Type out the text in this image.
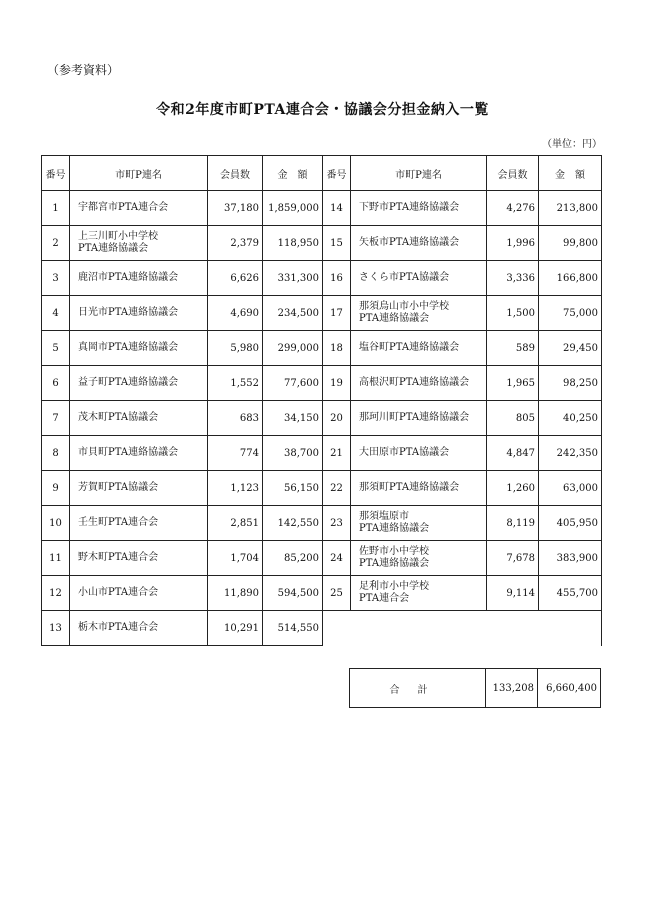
（参考資料）
令和2年度市町PTA連合会・協議会分担金納入一覧
（単位：円）
番号	市町P連名	会員数	金　額	番号	市町P連名	会員数	金　額
1	宇都宮市PTA連合会	37,180	1,859,000	14	下野市PTA連絡協議会	4,276	213,800
2	上三川町小中学校
PTA連絡協議会	2,379	118,950	15	矢板市PTA連絡協議会	1,996	99,800
3	鹿沼市PTA連絡協議会	6,626	331,300	16	さくら市PTA協議会	3,336	166,800
4	日光市PTA連絡協議会	4,690	234,500	17	那須烏山市小中学校
PTA連絡協議会	1,500	75,000
5	真岡市PTA連絡協議会	5,980	299,000	18	塩谷町PTA連絡協議会	589	29,450
6	益子町PTA連絡協議会	1,552	77,600	19	高根沢町PTA連絡協議会	1,965	98,250
7	茂木町PTA協議会	683	34,150	20	那珂川町PTA連絡協議会	805	40,250
8	市貝町PTA連絡協議会	774	38,700	21	大田原市PTA協議会	4,847	242,350
9	芳賀町PTA協議会	1,123	56,150	22	那須町PTA連絡協議会	1,260	63,000
10	壬生町PTA連合会	2,851	142,550	23	那須塩原市
PTA連絡協議会	8,119	405,950
11	野木町PTA連合会	1,704	85,200	24	佐野市小中学校
PTA連絡協議会	7,678	383,900
12	小山市PTA連合会	11,890	594,500	25	足利市小中学校
PTA連合会	9,114	455,700
13	栃木市PTA連合会	10,291	514,550				
合計	133,208	6,660,400
